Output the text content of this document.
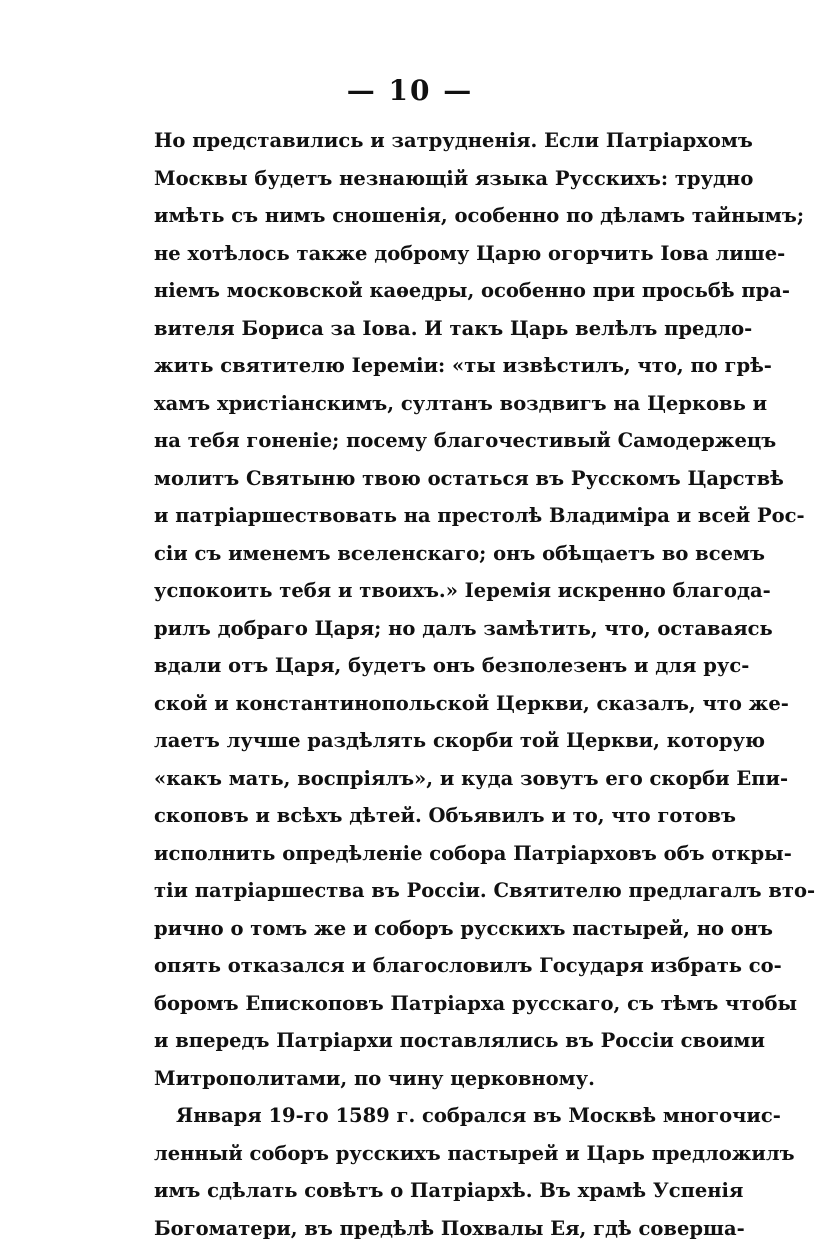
— 10 —
Но представились и затрудненія. Если Патріархомъ
Москвы будетъ незнающій языка Русскихъ: трудно
имѣть съ нимъ сношенія, особенно по дѣламъ тайнымъ;
не хотѣлось также доброму Царю огорчить Іова лише-
ніемъ московской каѳедры, особенно при просьбѣ пра-
вителя Бориса за Іова. И такъ Царь велѣлъ предло-
жить святителю Іереміи: «ты извѣстилъ, что, по грѣ-
хамъ христіанскимъ, султанъ воздвигъ на Церковь и
на тебя гоненіе; посему благочестивый Самодержецъ
молитъ Святыню твою остаться въ Русскомъ Царствѣ
и патріаршествовать на престолѣ Владиміра и всей Рос-
сіи съ именемъ вселенскаго; онъ обѣщаетъ во всемъ
успокоить тебя и твоихъ.» Іеремія искренно благода-
рилъ добраго Царя; но далъ замѣтить, что, оставаясь
вдали отъ Царя, будетъ онъ безполезенъ и для рус-
ской и константинопольской Церкви, сказалъ, что же-
лаетъ лучше раздѣлять скорби той Церкви, которую
«какъ мать, воспріялъ», и куда зовутъ его скорби Епи-
скоповъ и всѣхъ дѣтей. Объявилъ и то, что готовъ
исполнить опредѣленіе собора Патріарховъ объ откры-
тіи патріаршества въ Россіи. Святителю предлагалъ вто-
рично о томъ же и соборъ русскихъ пастырей, но онъ
опять отказался и благословилъ Государя избрать со-
боромъ Епископовъ Патріарха русскаго, съ тѣмъ чтобы
и впередъ Патріархи поставлялись въ Россіи своими
Митрополитами, по чину церковному.
Января 19-го 1589 г. собрался въ Москвѣ многочис-
ленный соборъ русскихъ пастырей и Царь предложилъ
имъ сдѣлать совѣтъ о Патріархѣ. Въ храмѣ Успенія
Богоматери, въ предѣлѣ Похвалы Ея, гдѣ соверша-
